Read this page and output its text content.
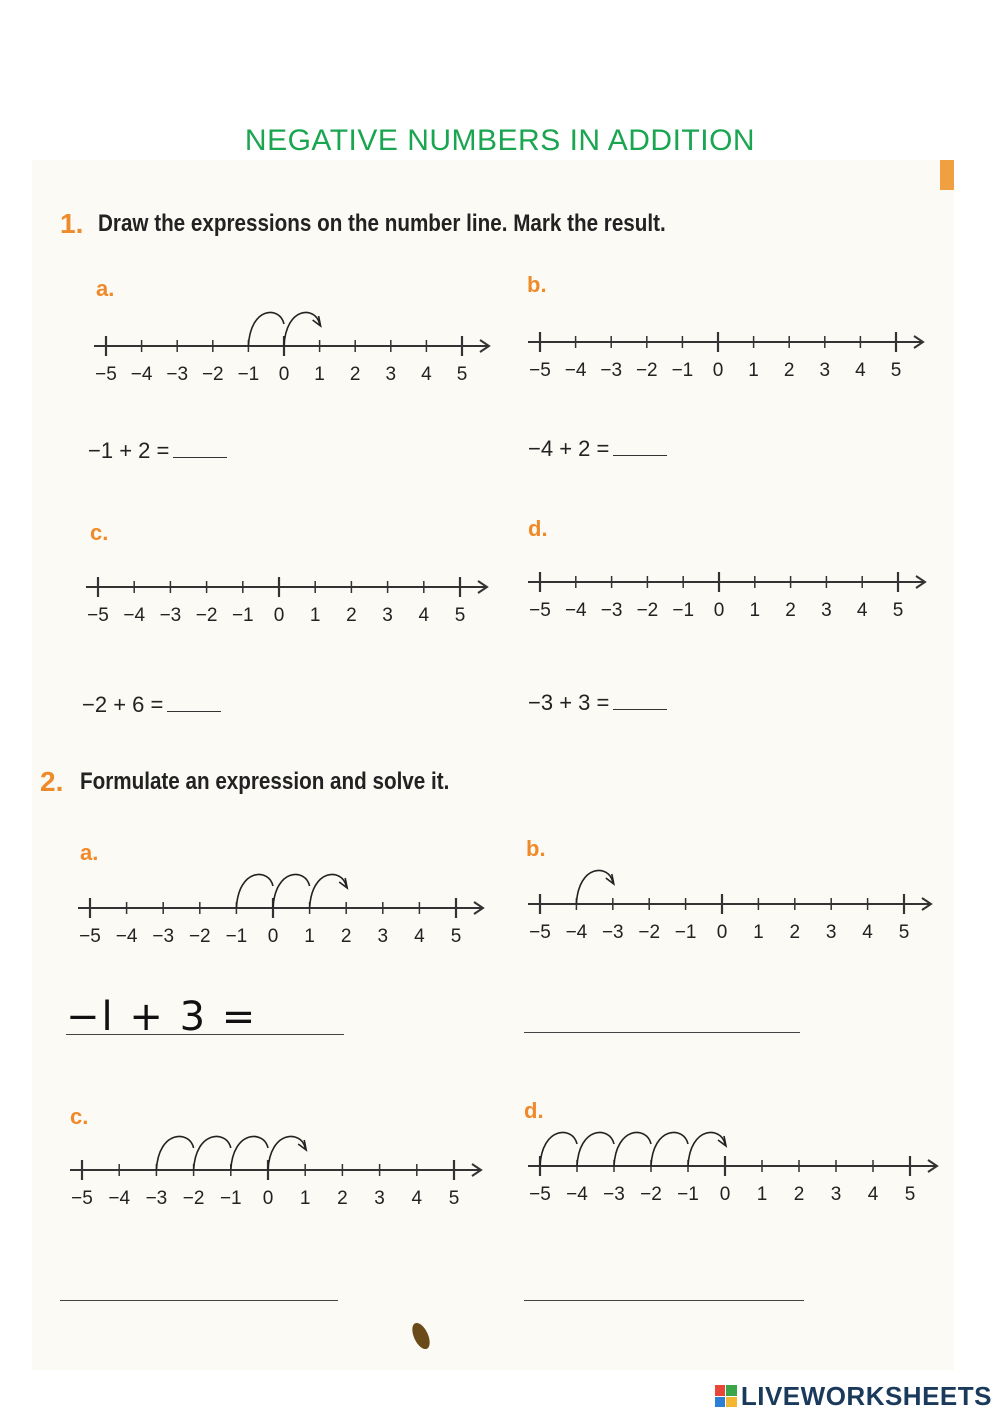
NEGATIVE NUMBERS IN ADDITION
1. Draw the expressions on the number line. Mark the result.
a.	b.
c.	d.
−5 −4 −3 −2 −1 0 1 2 3 4 5	−5 −4 −3 −2 −1 0 1 2 3 4 5
−5 −4 −3 −2 −1 0 1 2 3 4 5	−5 −4 −3 −2 −1 0 1 2 3 4 5
−1 + 2 =	−4 + 2 =
−2 + 6 =	−3 + 3 =
2. Formulate an expression and solve it.
a.	b.
c.	d.
−5 −4 −3 −2 −1 0 1 2 3 4 5	−5 −4 −3 −2 −1 0 1 2 3 4 5
−5 −4 −3 −2 −1 0 1 2 3 4 5	−5 −4 −3 −2 −1 0 1 2 3 4 5
−l + 3 =
LIVEWORKSHEETS
